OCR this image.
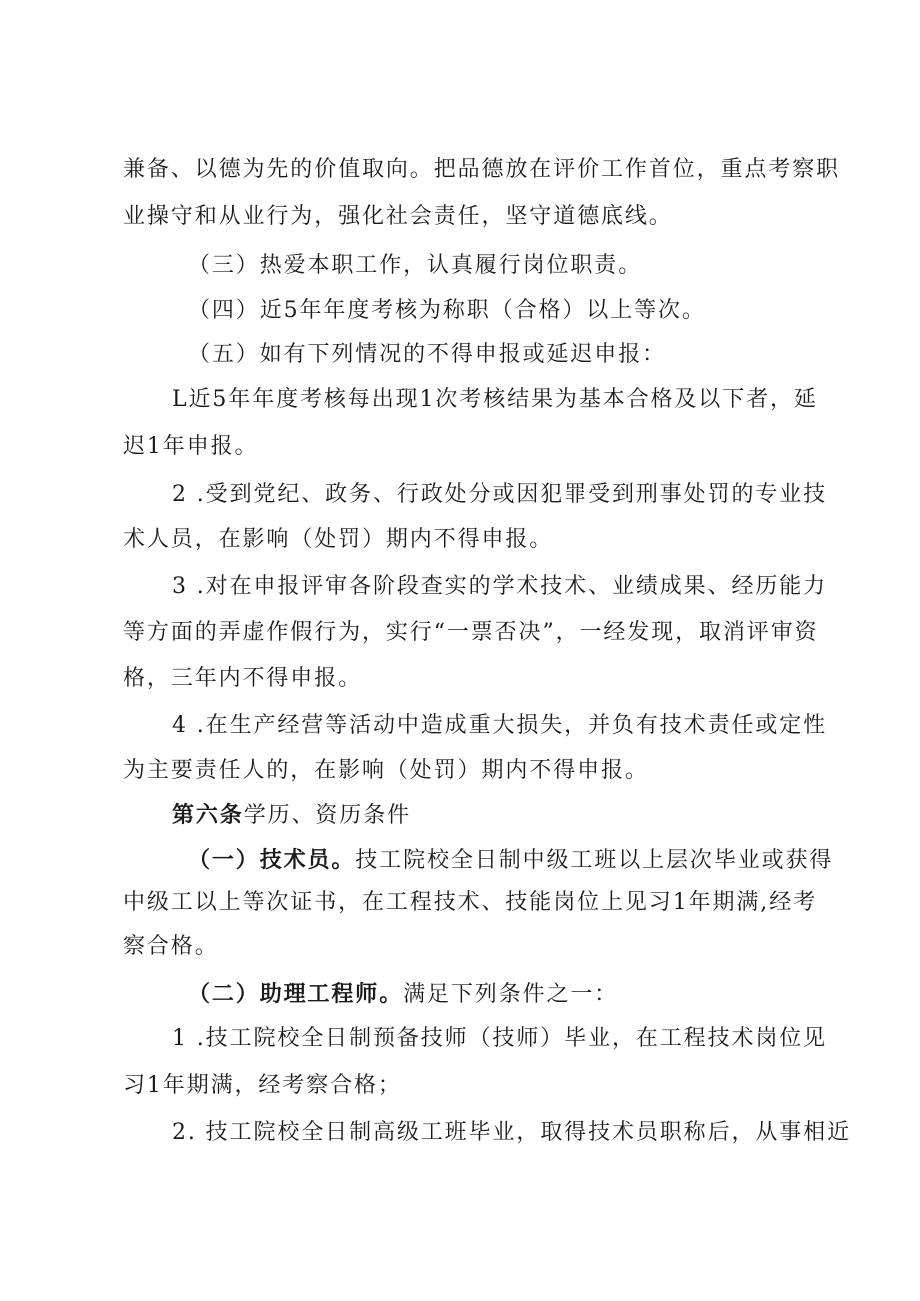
兼备、以德为先的价值取向。把品德放在评价工作首位，重点考察职
业操守和从业行为，强化社会责任，坚守道德底线。
（三）热爱本职工作，认真履行岗位职责。
（四）近5年年度考核为称职（合格）以上等次。
（五）如有下列情况的不得申报或延迟申报：
L近5年年度考核每出现1次考核结果为基本合格及以下者，延
迟1年申报。
2 .受到党纪、政务、行政处分或因犯罪受到刑事处罚的专业技
术人员，在影响（处罚）期内不得申报。
3 .对在申报评审各阶段查实的学术技术、业绩成果、经历能力
等方面的弄虚作假行为，实行“一票否决”，一经发现，取消评审资
格，三年内不得申报。
4 .在生产经营等活动中造成重大损失，并负有技术责任或定性
为主要责任人的，在影响（处罚）期内不得申报。
第六条学历、资历条件
（一）技术员。技工院校全日制中级工班以上层次毕业或获得
中级工以上等次证书，在工程技术、技能岗位上见习1年期满,经考
察合格。
（二）助理工程师。满足下列条件之一：
1 .技工院校全日制预备技师（技师）毕业，在工程技术岗位见
习1年期满，经考察合格；
2. 技工院校全日制高级工班毕业，取得技术员职称后，从事相近
